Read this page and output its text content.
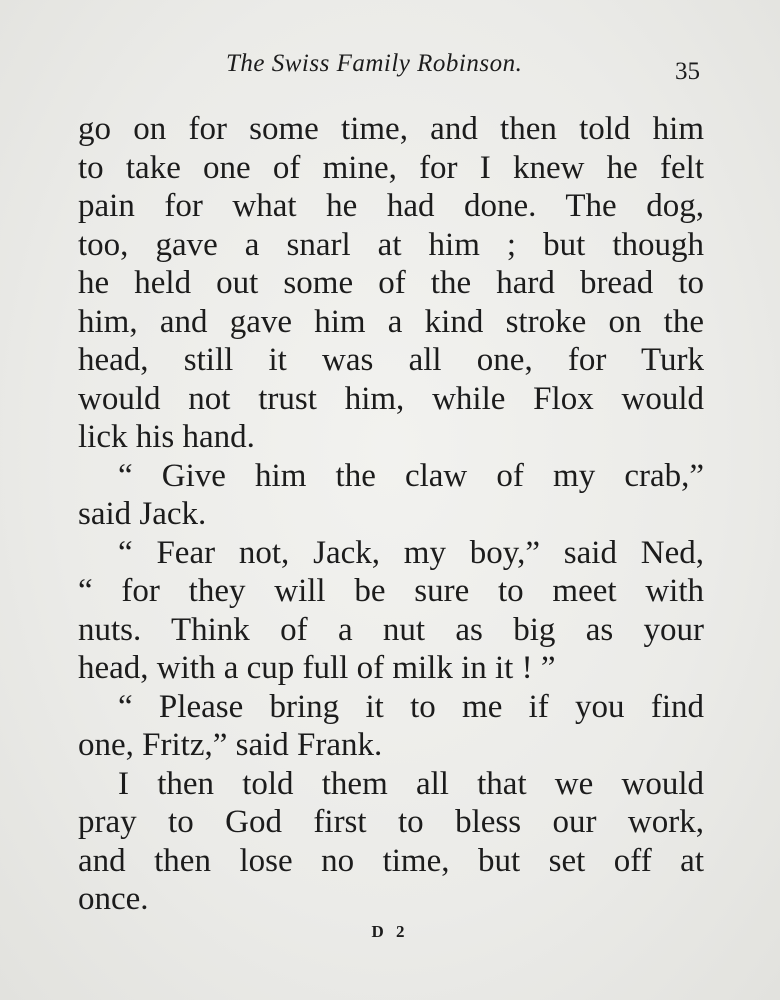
The Swiss Family Robinson.	35
go on for some time, and then told him
to take one of mine, for I knew he felt
pain for what he had done. The dog,
too, gave a snarl at him ; but though
he held out some of the hard bread to
him, and gave him a kind stroke on the
head, still it was all one, for Turk
would not trust him, while Flox would
lick his hand.
“ Give him the claw of my crab,”
said Jack.
“ Fear not, Jack, my boy,” said Ned,
“ for they will be sure to meet with
nuts. Think of a nut as big as your
head, with a cup full of milk in it ! ”
“ Please bring it to me if you find
one, Fritz,” said Frank.
I then told them all that we would
pray to God first to bless our work,
and then lose no time, but set off at
once.
D 2
